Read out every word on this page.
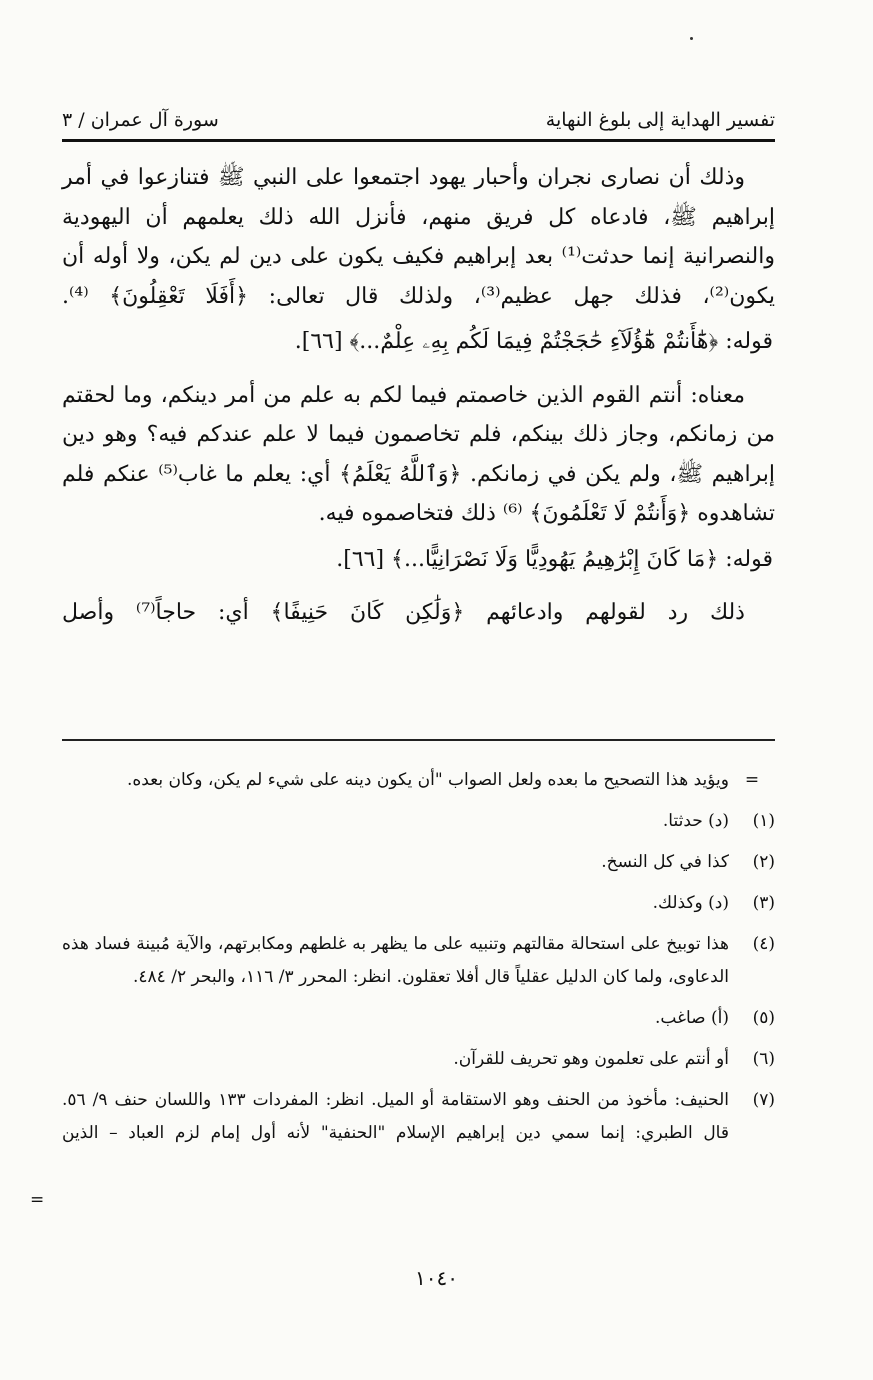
تفسير الهداية إلى بلوغ النهاية
سورة آل عمران / ٣

وذلك أن نصارى نجران وأحبار يهود اجتمعوا على النبي ﷺ فتنازعوا في أمر إبراهيم ﷺ، فادعاه كل فريق منهم، فأنزل الله ذلك يعلمهم أن اليهودية والنصرانية إنما حدثت⁽¹⁾ بعد إبراهيم فكيف يكون على دين لم يكن، ولا أوله أن يكون⁽²⁾، فذلك جهل عظيم⁽³⁾، ولذلك قال تعالى: ﴿أَفَلَا تَعْقِلُونَ﴾ ⁽⁴⁾.

قوله: ﴿هَٰٓأَنتُمْ هَٰٓؤُلَآءِ حَٰجَجْتُمْ فِيمَا لَكُم بِهِۦ عِلْمٌ...﴾ [٦٦].

معناه: أنتم القوم الذين خاصمتم فيما لكم به علم من أمر دينكم، وما لحقتم من زمانكم، وجاز ذلك بينكم، فلم تخاصمون فيما لا علم عندكم فيه؟ وهو دين إبراهيم ﷺ، ولم يكن في زمانكم. ﴿وَٱللَّهُ يَعْلَمُ﴾ أي: يعلم ما غاب⁽⁵⁾ عنكم فلم تشاهدوه ﴿وَأَنتُمْ لَا تَعْلَمُونَ﴾ ⁽⁶⁾ ذلك فتخاصموه فيه.

قوله: ﴿مَا كَانَ إِبْرَٰهِيمُ يَهُودِيًّا وَلَا نَصْرَانِيًّا...﴾ [٦٦].

ذلك رد لقولهم وادعائهم ﴿وَلَٰكِن كَانَ حَنِيفًا﴾ أي: حاجاً⁽⁷⁾ وأصل

=
ويؤيد هذا التصحيح ما بعده ولعل الصواب "أن يكون دينه على شيء لم يكن، وكان بعده.
(١)
(د) حدثتا.
(٢)
كذا في كل النسخ.
(٣)
(د) وكذلك.
(٤)
هذا توبيخ على استحالة مقالتهم وتنبيه على ما يظهر به غلطهم ومكابرتهم، والآية مُبينة فساد هذه الدعاوى، ولما كان الدليل عقلياً قال أفلا تعقلون. انظر: المحرر ٣/ ١١٦، والبحر ٢/ ٤٨٤.
(٥)
(أ) صاغب.
(٦)
أو أنتم على تعلمون وهو تحريف للقرآن.
(٧)
الحنيف: مأخوذ من الحنف وهو الاستقامة أو الميل. انظر: المفردات ١٣٣ واللسان حنف ٩/ ٥٦. قال الطبري: إنما سمي دين إبراهيم الإسلام "الحنفية" لأنه أول إمام لزم العباد – الذين
=
١٠٤٠
